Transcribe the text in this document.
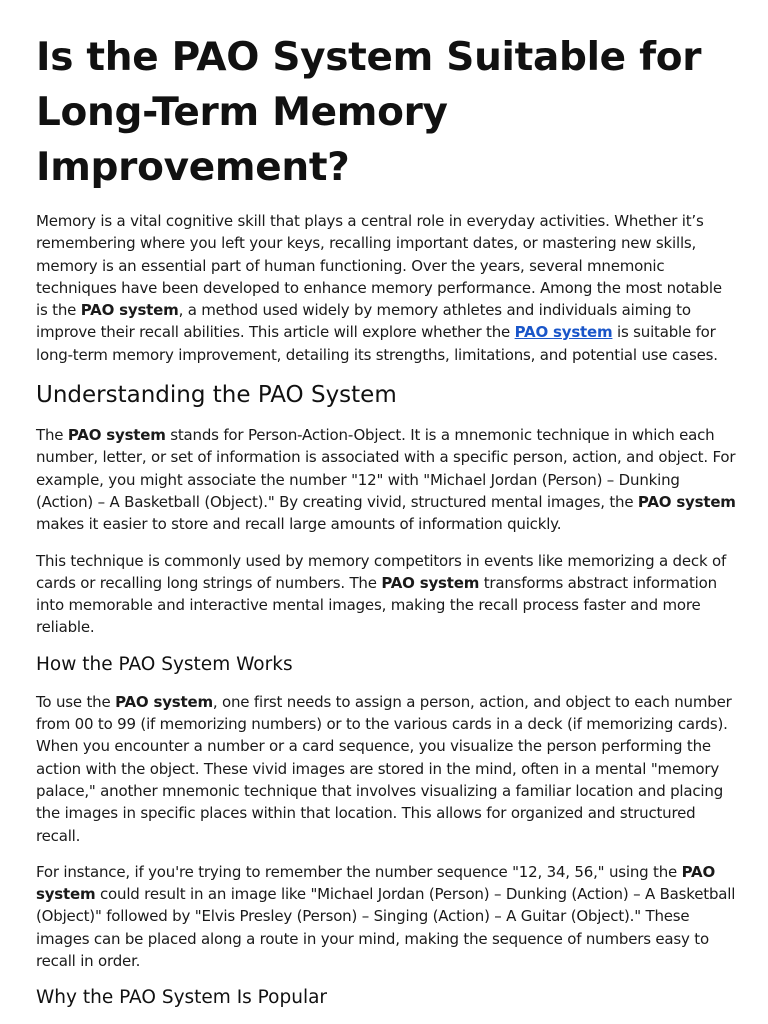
Is the PAO System Suitable for Long-Term Memory Improvement?

Memory is a vital cognitive skill that plays a central role in everyday activities. Whether it’s remembering where you left your keys, recalling important dates, or mastering new skills, memory is an essential part of human functioning. Over the years, several mnemonic techniques have been developed to enhance memory performance. Among the most notable is the PAO system, a method used widely by memory athletes and individuals aiming to improve their recall abilities. This article will explore whether the PAO system is suitable for long-term memory improvement, detailing its strengths, limitations, and potential use cases.

Understanding the PAO System

The PAO system stands for Person-Action-Object. It is a mnemonic technique in which each number, letter, or set of information is associated with a specific person, action, and object. For example, you might associate the number "12" with "Michael Jordan (Person) – Dunking (Action) – A Basketball (Object)." By creating vivid, structured mental images, the PAO system makes it easier to store and recall large amounts of information quickly.

This technique is commonly used by memory competitors in events like memorizing a deck of cards or recalling long strings of numbers. The PAO system transforms abstract information into memorable and interactive mental images, making the recall process faster and more reliable.

How the PAO System Works

To use the PAO system, one first needs to assign a person, action, and object to each number from 00 to 99 (if memorizing numbers) or to the various cards in a deck (if memorizing cards). When you encounter a number or a card sequence, you visualize the person performing the action with the object. These vivid images are stored in the mind, often in a mental "memory palace," another mnemonic technique that involves visualizing a familiar location and placing the images in specific places within that location. This allows for organized and structured recall.

For instance, if you're trying to remember the number sequence "12, 34, 56," using the PAO system could result in an image like "Michael Jordan (Person) – Dunking (Action) – A Basketball (Object)" followed by "Elvis Presley (Person) – Singing (Action) – A Guitar (Object)." These images can be placed along a route in your mind, making the sequence of numbers easy to recall in order.

Why the PAO System Is Popular
